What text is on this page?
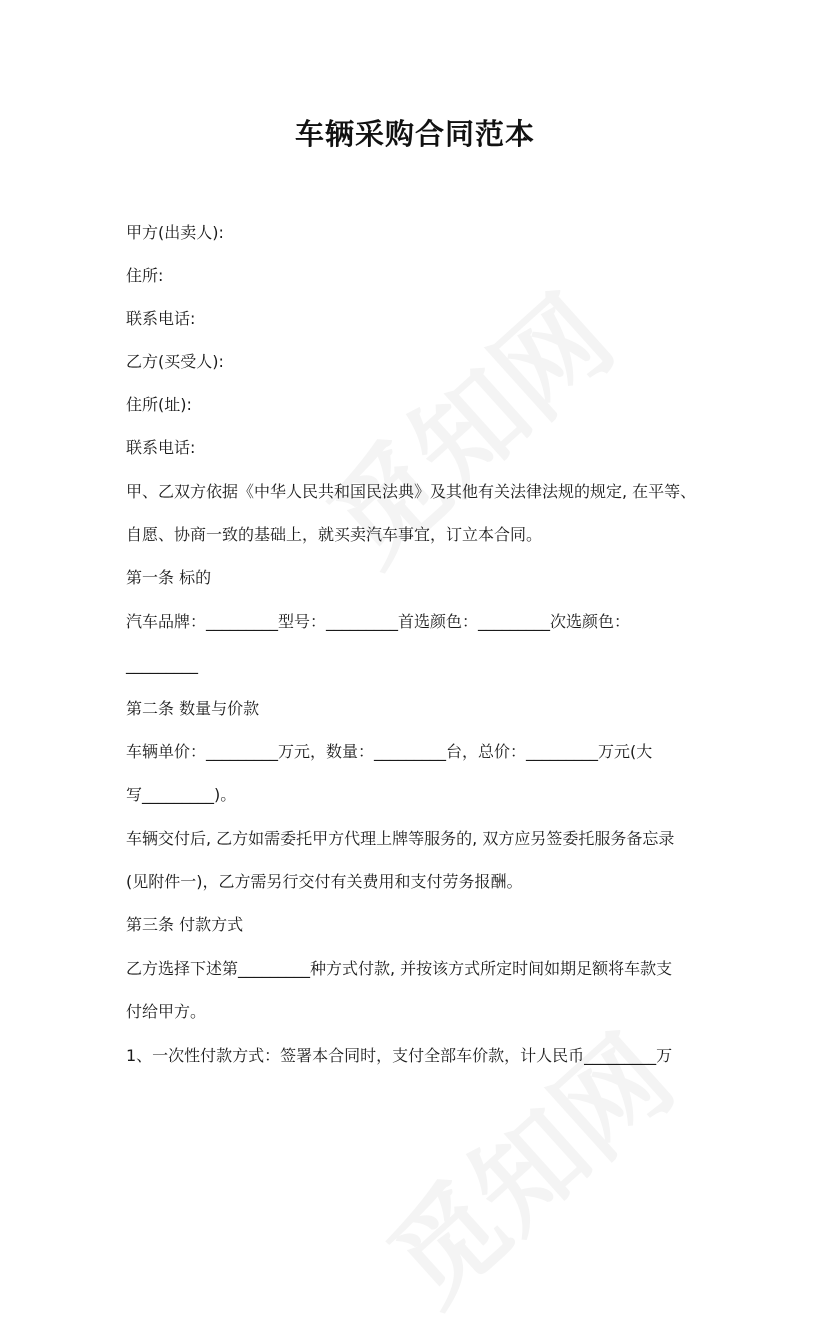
车辆采购合同范本
甲方(出卖人):
住所:
联系电话:
乙方(买受人):
住所(址):
联系电话:
甲、乙双方依据《中华人民共和国民法典》及其他有关法律法规的规定, 在平等、
自愿、协商一致的基础上，就买卖汽车事宜，订立本合同。
第一条 标的
汽车品牌：_________型号：_________首选颜色：_________次选颜色：
_________
第二条 数量与价款
车辆单价：_________万元，数量：_________台，总价：_________万元(大
写_________)。
车辆交付后, 乙方如需委托甲方代理上牌等服务的, 双方应另签委托服务备忘录
(见附件一)，乙方需另行交付有关费用和支付劳务报酬。
第三条 付款方式
乙方选择下述第_________种方式付款, 并按该方式所定时间如期足额将车款支
付给甲方。
1、一次性付款方式：签署本合同时，支付全部车价款，计人民币_________万
